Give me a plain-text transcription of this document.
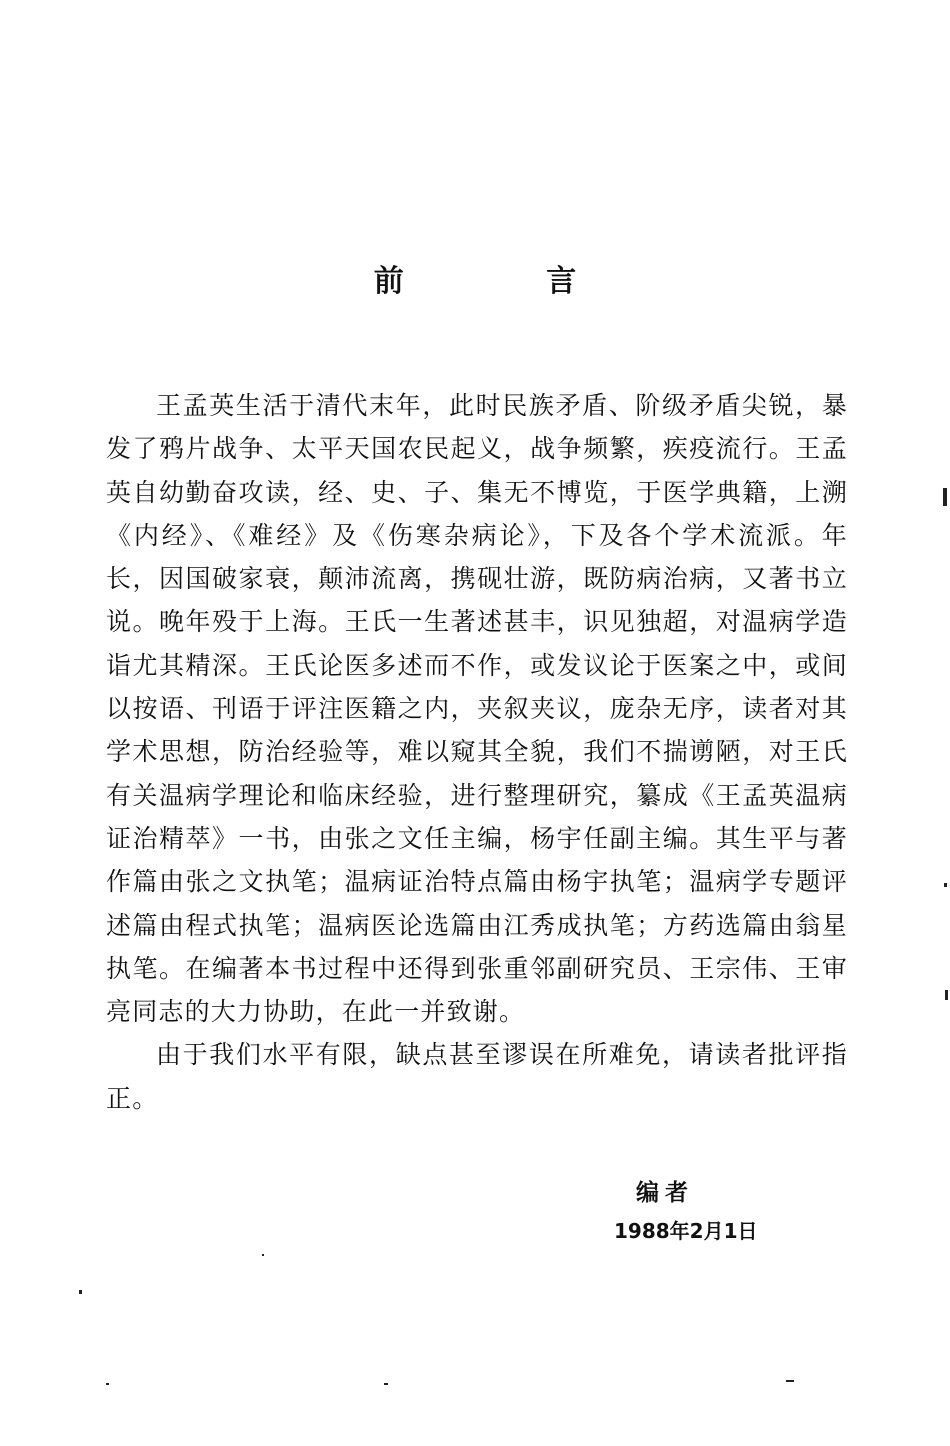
前 言

王孟英生活于清代末年，此时民族矛盾、阶级矛盾尖锐，暴发了鸦片战争、太平天国农民起义，战争频繁，疾疫流行。王孟英自幼勤奋攻读，经、史、子、集无不博览，于医学典籍，上溯《内经》、《难经》及《伤寒杂病论》，下及各个学术流派。年长，因国破家衰，颠沛流离，携砚壮游，既防病治病，又著书立说。晚年殁于上海。王氏一生著述甚丰，识见独超，对温病学造诣尤其精深。王氏论医多述而不作，或发议论于医案之中，或间以按语、刊语于评注医籍之内，夹叙夹议，庞杂无序，读者对其学术思想，防治经验等，难以窥其全貌，我们不揣谫陋，对王氏有关温病学理论和临床经验，进行整理研究，纂成《王孟英温病证治精萃》一书，由张之文任主编，杨宇任副主编。其生平与著作篇由张之文执笔；温病证治特点篇由杨宇执笔；温病学专题评述篇由程式执笔；温病医论选篇由江秀成执笔；方药选篇由翁星执笔。在编著本书过程中还得到张重邻副研究员、王宗伟、王审亮同志的大力协助，在此一并致谢。

由于我们水平有限，缺点甚至谬误在所难免，请读者批评指正。

编者
1988年2月1日
